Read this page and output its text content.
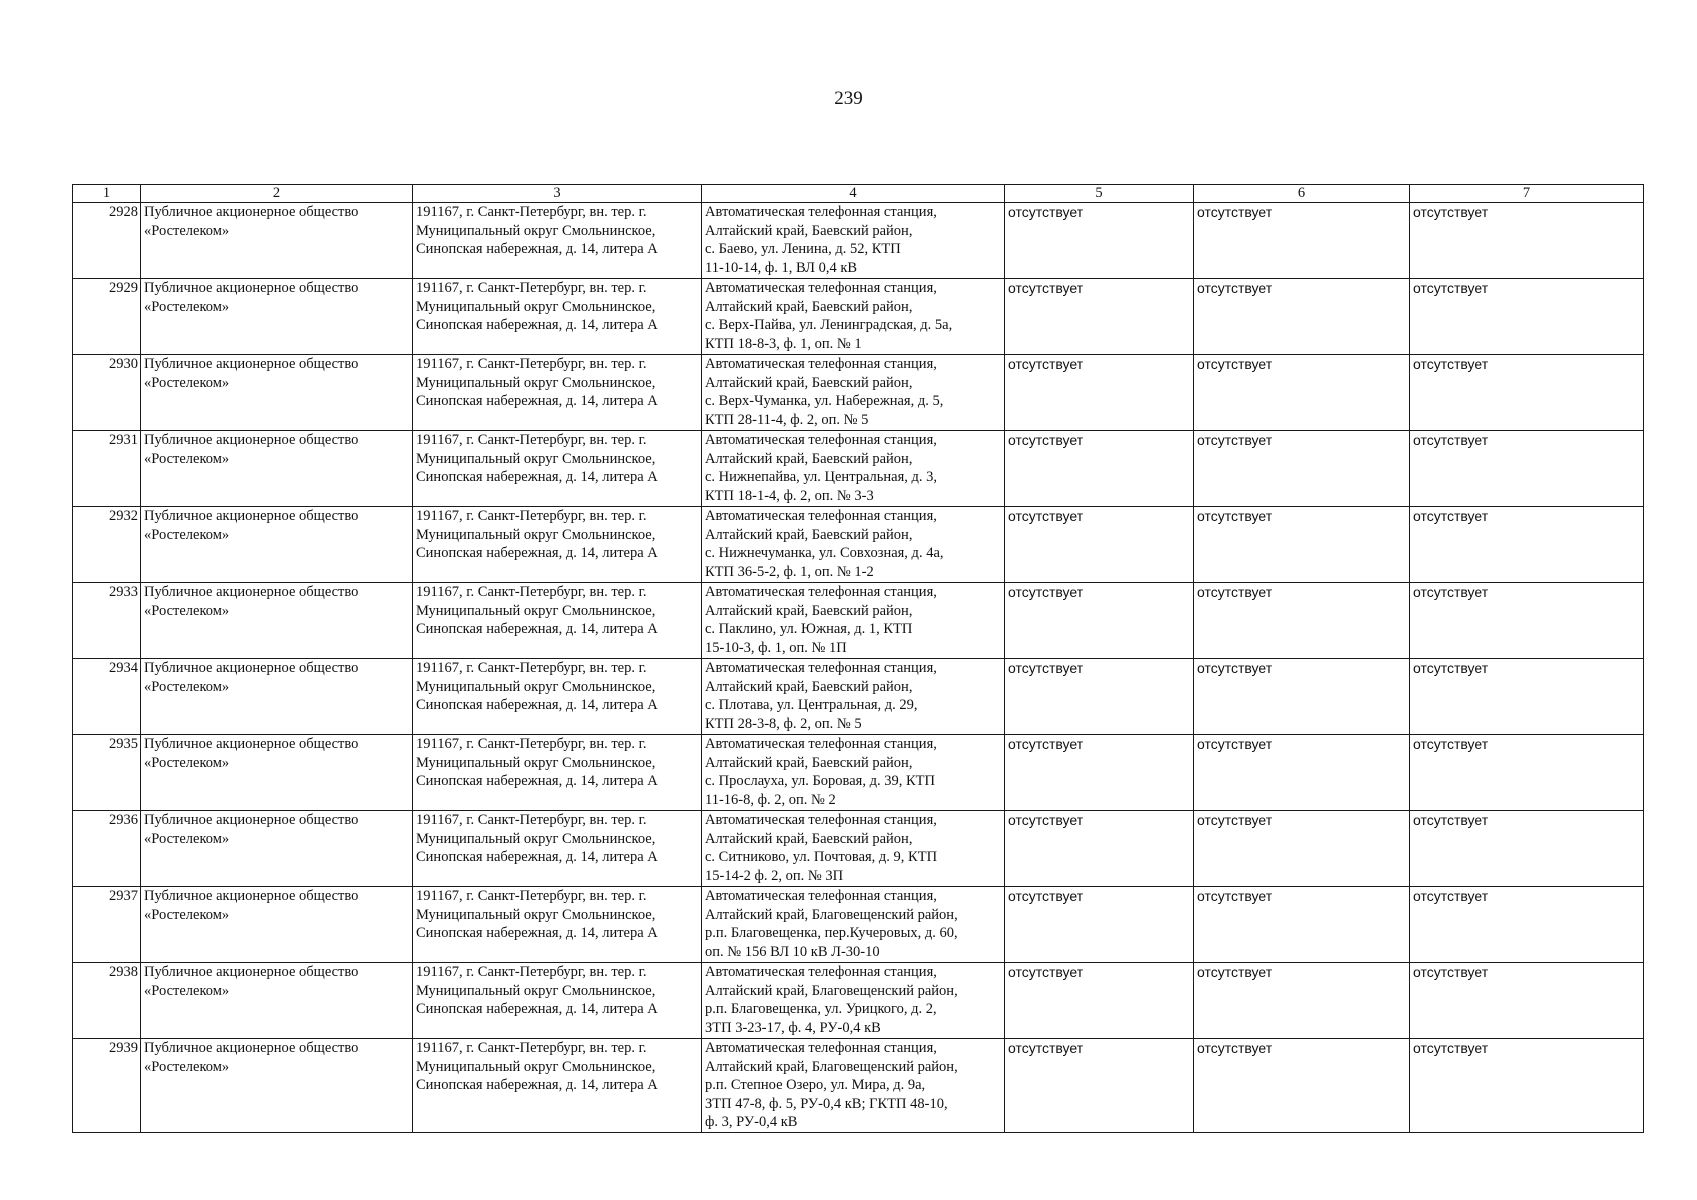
239
1	2	3	4	5	6	7
2928	Публичное акционерное общество
«Ростелеком»	191167, г. Санкт-Петербург, вн. тер. г.
Муниципальный округ Смольнинское,
Синопская набережная, д. 14, литера А	Автоматическая телефонная станция,
Алтайский край, Баевский район,
с. Баево, ул. Ленина, д. 52, КТП
11-10-14, ф. 1, ВЛ 0,4 кВ	отсутствует	отсутствует	отсутствует
2929	Публичное акционерное общество
«Ростелеком»	191167, г. Санкт-Петербург, вн. тер. г.
Муниципальный округ Смольнинское,
Синопская набережная, д. 14, литера А	Автоматическая телефонная станция,
Алтайский край, Баевский район,
с. Верх-Пайва, ул. Ленинградская, д. 5а,
КТП 18-8-3, ф. 1, оп. № 1	отсутствует	отсутствует	отсутствует
2930	Публичное акционерное общество
«Ростелеком»	191167, г. Санкт-Петербург, вн. тер. г.
Муниципальный округ Смольнинское,
Синопская набережная, д. 14, литера А	Автоматическая телефонная станция,
Алтайский край, Баевский район,
с. Верх-Чуманка, ул. Набережная, д. 5,
КТП 28-11-4, ф. 2, оп. № 5	отсутствует	отсутствует	отсутствует
2931	Публичное акционерное общество
«Ростелеком»	191167, г. Санкт-Петербург, вн. тер. г.
Муниципальный округ Смольнинское,
Синопская набережная, д. 14, литера А	Автоматическая телефонная станция,
Алтайский край, Баевский район,
с. Нижнепайва, ул. Центральная, д. 3,
КТП 18-1-4, ф. 2, оп. № 3-3	отсутствует	отсутствует	отсутствует
2932	Публичное акционерное общество
«Ростелеком»	191167, г. Санкт-Петербург, вн. тер. г.
Муниципальный округ Смольнинское,
Синопская набережная, д. 14, литера А	Автоматическая телефонная станция,
Алтайский край, Баевский район,
с. Нижнечуманка, ул. Совхозная, д. 4а,
КТП 36-5-2, ф. 1, оп. № 1-2	отсутствует	отсутствует	отсутствует
2933	Публичное акционерное общество
«Ростелеком»	191167, г. Санкт-Петербург, вн. тер. г.
Муниципальный округ Смольнинское,
Синопская набережная, д. 14, литера А	Автоматическая телефонная станция,
Алтайский край, Баевский район,
с. Паклино, ул. Южная, д. 1, КТП
15-10-3, ф. 1, оп. № 1П	отсутствует	отсутствует	отсутствует
2934	Публичное акционерное общество
«Ростелеком»	191167, г. Санкт-Петербург, вн. тер. г.
Муниципальный округ Смольнинское,
Синопская набережная, д. 14, литера А	Автоматическая телефонная станция,
Алтайский край, Баевский район,
с. Плотава, ул. Центральная, д. 29,
КТП 28-3-8, ф. 2, оп. № 5	отсутствует	отсутствует	отсутствует
2935	Публичное акционерное общество
«Ростелеком»	191167, г. Санкт-Петербург, вн. тер. г.
Муниципальный округ Смольнинское,
Синопская набережная, д. 14, литера А	Автоматическая телефонная станция,
Алтайский край, Баевский район,
с. Прослауха, ул. Боровая, д. 39, КТП
11-16-8, ф. 2, оп. № 2	отсутствует	отсутствует	отсутствует
2936	Публичное акционерное общество
«Ростелеком»	191167, г. Санкт-Петербург, вн. тер. г.
Муниципальный округ Смольнинское,
Синопская набережная, д. 14, литера А	Автоматическая телефонная станция,
Алтайский край, Баевский район,
с. Ситниково, ул. Почтовая, д. 9, КТП
15-14-2 ф. 2, оп. № 3П	отсутствует	отсутствует	отсутствует
2937	Публичное акционерное общество
«Ростелеком»	191167, г. Санкт-Петербург, вн. тер. г.
Муниципальный округ Смольнинское,
Синопская набережная, д. 14, литера А	Автоматическая телефонная станция,
Алтайский край, Благовещенский район,
р.п. Благовещенка, пер.Кучеровых, д. 60,
оп. № 156 ВЛ 10 кВ Л-30-10	отсутствует	отсутствует	отсутствует
2938	Публичное акционерное общество
«Ростелеком»	191167, г. Санкт-Петербург, вн. тер. г.
Муниципальный округ Смольнинское,
Синопская набережная, д. 14, литера А	Автоматическая телефонная станция,
Алтайский край, Благовещенский район,
р.п. Благовещенка, ул. Урицкого, д. 2,
ЗТП 3-23-17, ф. 4, РУ-0,4 кВ	отсутствует	отсутствует	отсутствует
2939	Публичное акционерное общество
«Ростелеком»	191167, г. Санкт-Петербург, вн. тер. г.
Муниципальный округ Смольнинское,
Синопская набережная, д. 14, литера А	Автоматическая телефонная станция,
Алтайский край, Благовещенский район,
р.п. Степное Озеро, ул. Мира, д. 9а,
ЗТП 47-8, ф. 5, РУ-0,4 кВ; ГКТП 48-10,
ф. 3, РУ-0,4 кВ	отсутствует	отсутствует	отсутствует
